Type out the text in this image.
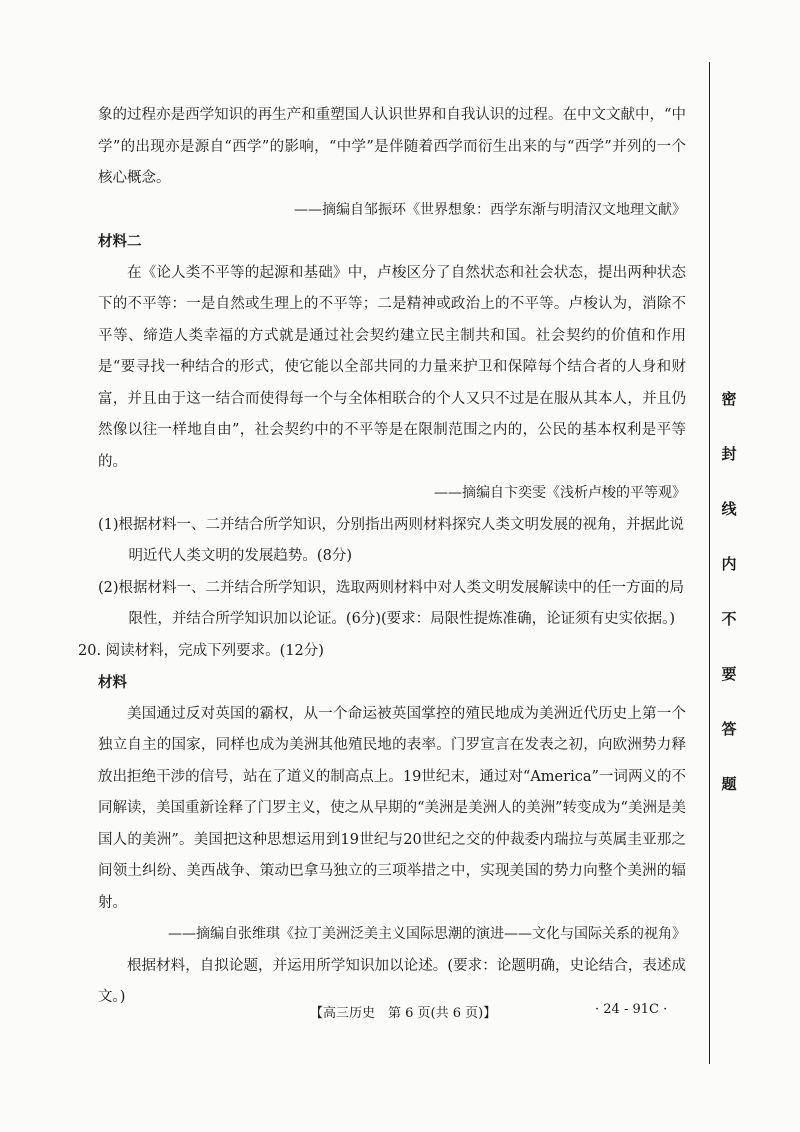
象的过程亦是西学知识的再生产和重塑国人认识世界和自我认识的过程。在中文文献中，“中学”的出现亦是源自“西学”的影响，“中学”是伴随着西学而衍生出来的与“西学”并列的一个核心概念。

——摘编自邹振环《世界想象：西学东渐与明清汉文地理文献》

材料二

在《论人类不平等的起源和基础》中，卢梭区分了自然状态和社会状态，提出两种状态下的不平等：一是自然或生理上的不平等；二是精神或政治上的不平等。卢梭认为，消除不平等、缔造人类幸福的方式就是通过社会契约建立民主制共和国。社会契约的价值和作用是“要寻找一种结合的形式，使它能以全部共同的力量来护卫和保障每个结合者的人身和财富，并且由于这一结合而使得每一个与全体相联合的个人又只不过是在服从其本人，并且仍然像以往一样地自由”，社会契约中的不平等是在限制范围之内的，公民的基本权利是平等的。

——摘编自卞奕雯《浅析卢梭的平等观》

(1)根据材料一、二并结合所学知识，分别指出两则材料探究人类文明发展的视角，并据此说明近代人类文明的发展趋势。(8分)

(2)根据材料一、二并结合所学知识，选取两则材料中对人类文明发展解读中的任一方面的局限性，并结合所学知识加以论证。(6分)(要求：局限性提炼准确，论证须有史实依据。)

20. 阅读材料，完成下列要求。(12分)

材料

美国通过反对英国的霸权，从一个命运被英国掌控的殖民地成为美洲近代历史上第一个独立自主的国家，同样也成为美洲其他殖民地的表率。门罗宣言在发表之初，向欧洲势力释放出拒绝干涉的信号，站在了道义的制高点上。19世纪末，通过对“America”一词两义的不同解读，美国重新诠释了门罗主义，使之从早期的“美洲是美洲人的美洲”转变成为“美洲是美国人的美洲”。美国把这种思想运用到19世纪与20世纪之交的仲裁委内瑞拉与英属圭亚那之间领土纠纷、美西战争、策动巴拿马独立的三项举措之中，实现美国的势力向整个美洲的辐射。

——摘编自张维琪《拉丁美洲泛美主义国际思潮的演进——文化与国际关系的视角》

根据材料，自拟论题，并运用所学知识加以论述。(要求：论题明确，史论结合，表述成文。)

【高三历史　第 6 页(共 6 页)】	· 24 - 91C ·
密
封
线
内
不
要
答
题
